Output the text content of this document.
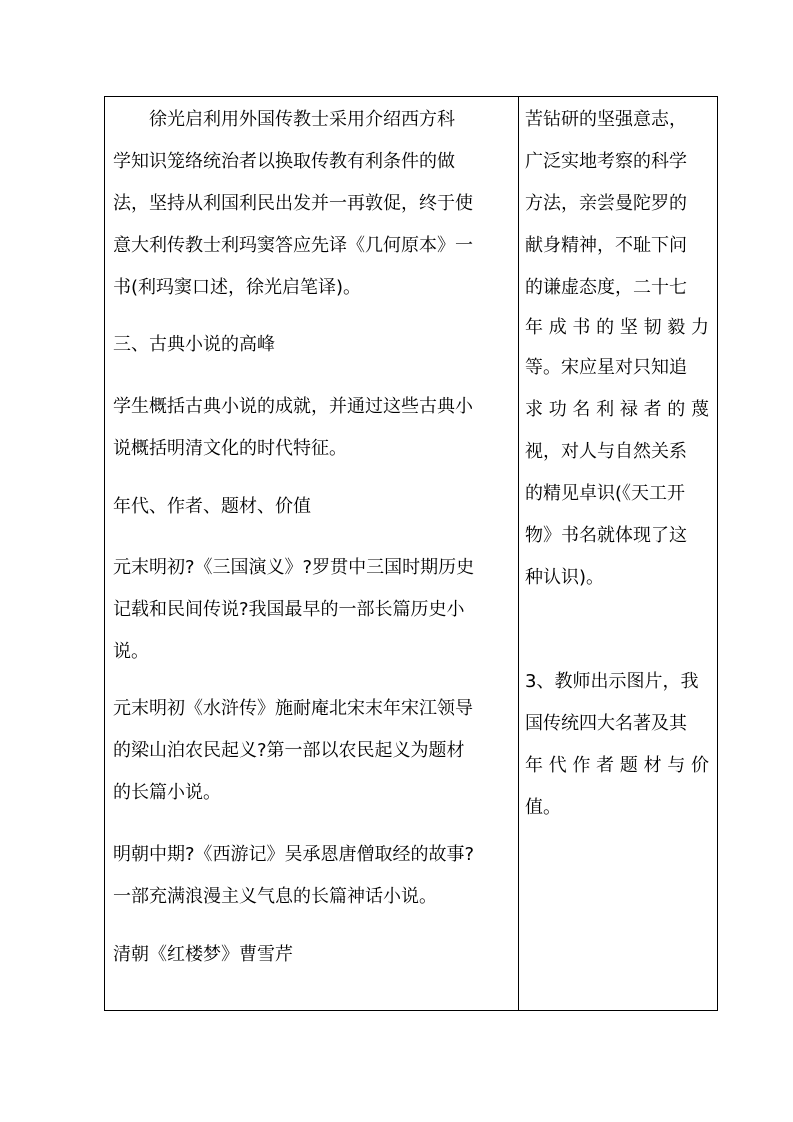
　　徐光启利用外国传教士采用介绍西方科

学知识笼络统治者以换取传教有利条件的做

法，坚持从利国利民出发并一再敦促，终于使

意大利传教士利玛窦答应先译《几何原本》一

书(利玛窦口述，徐光启笔译)。

三、古典小说的高峰

学生概括古典小说的成就，并通过这些古典小

说概括明清文化的时代特征。

年代、作者、题材、价值

元末明初?《三国演义》?罗贯中三国时期历史

记载和民间传说?我国最早的一部长篇历史小

说。

元末明初《水浒传》施耐庵北宋末年宋江领导

的梁山泊农民起义?第一部以农民起义为题材

的长篇小说。

明朝中期?《西游记》吴承恩唐僧取经的故事?

一部充满浪漫主义气息的长篇神话小说。

清朝《红楼梦》曹雪芹

苦钻研的坚强意志，

广泛实地考察的科学

方法，亲尝曼陀罗的

献身精神，不耻下问

的谦虚态度，二十七

年成书的坚韧毅力

等。宋应星对只知追

求功名利禄者的蔑

视，对人与自然关系

的精见卓识(《天工开

物》书名就体现了这

种认识)。

3、教师出示图片，我

国传统四大名著及其

年代作者题材与价

值。
